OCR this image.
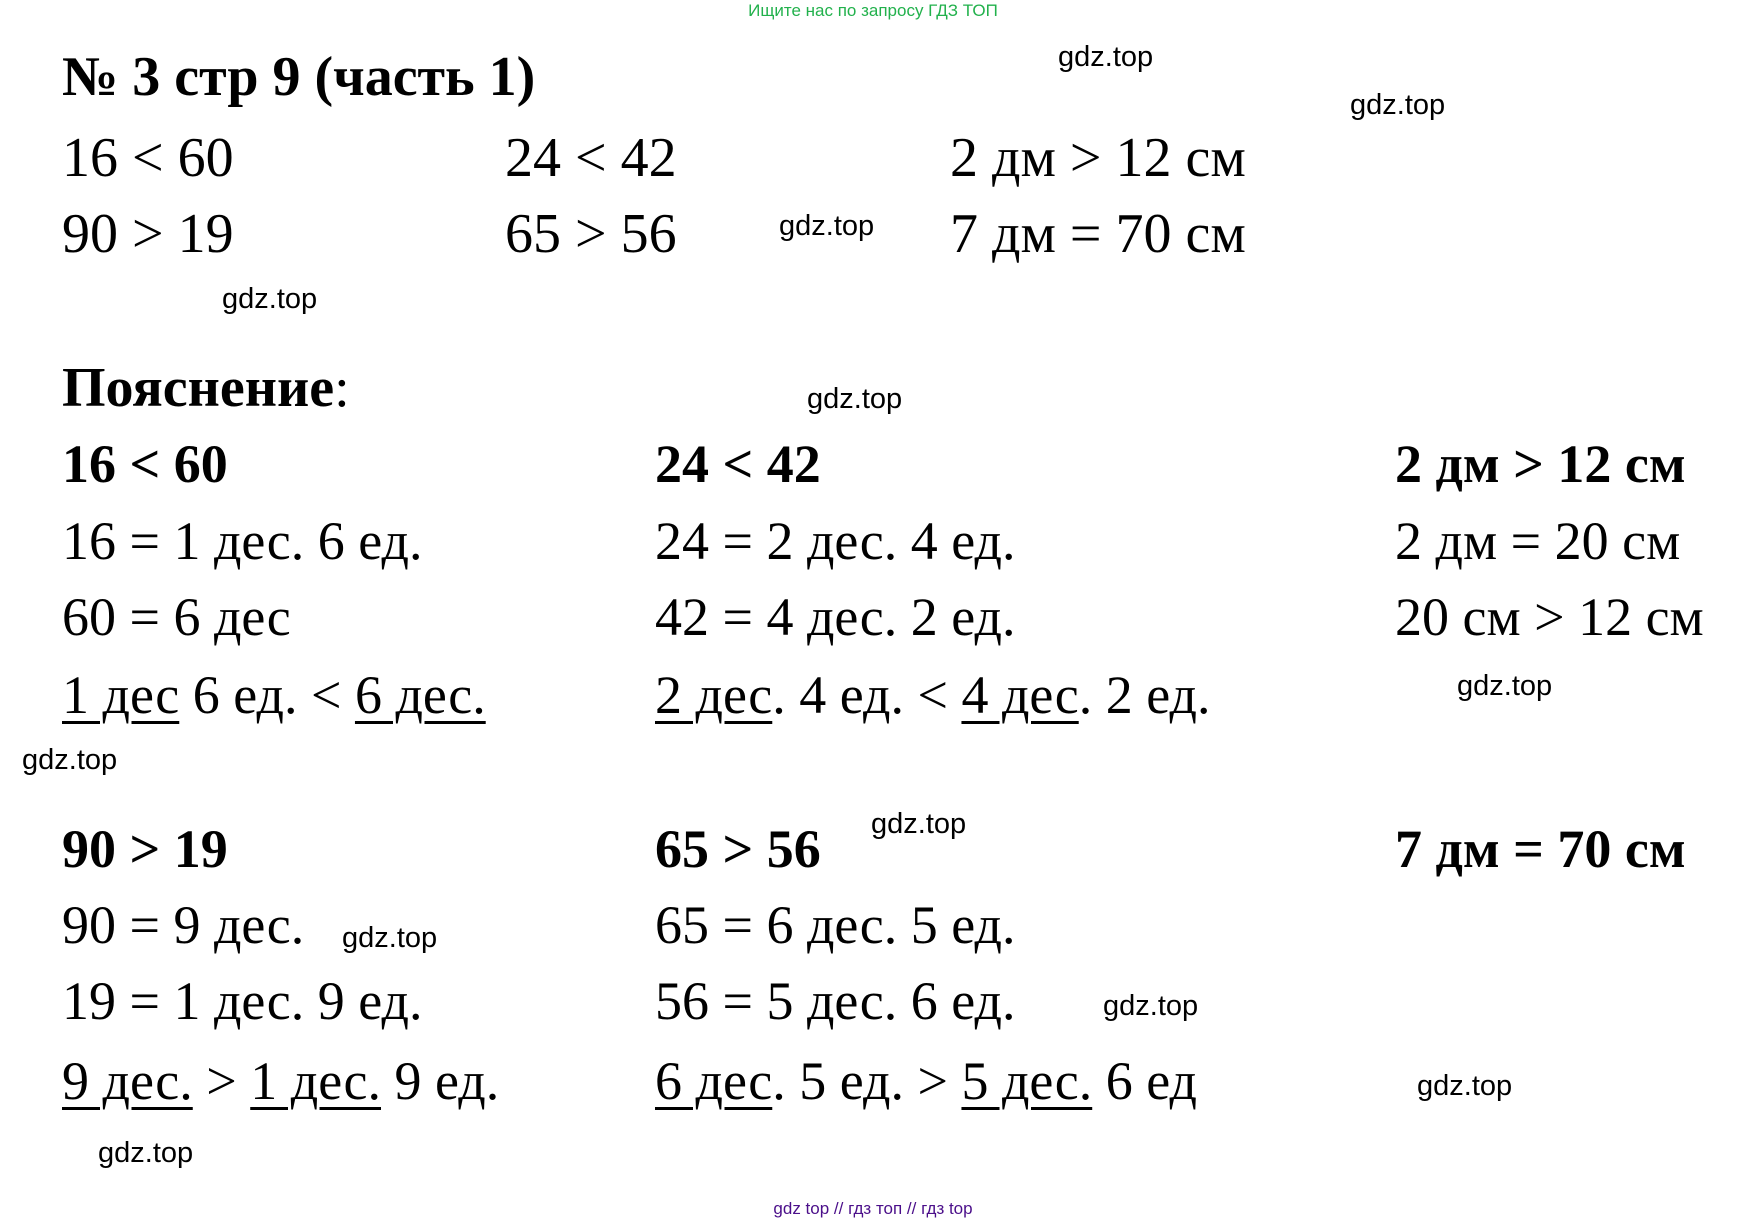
Ищите нас по запросу ГДЗ ТОП
№ 3 стр 9 (часть 1)
16 < 60	24 < 42	2 дм > 12 см
90 > 19	65 > 56	7 дм = 70 см
Пояснение:
16 < 60
16 = 1 дес. 6 ед.
60 = 6 дес
1 дес 6 ед. < 6 дес.
24 < 42
24 = 2 дес. 4 ед.
42 = 4 дес. 2 ед.
2 дес. 4 ед. < 4 дес. 2 ед.
2 дм > 12 см
2 дм = 20 см
20 см > 12 см
90 > 19
90 = 9 дес.
19 = 1 дес. 9 ед.
9 дес. > 1 дес. 9 ед.
65 > 56
65 = 6 дес. 5 ед.
56 = 5 дес. 6 ед.
6 дес. 5 ед. > 5 дес. 6 ед
7 дм = 70 см
gdz.top
gdz.top
gdz.top
gdz.top
gdz.top
gdz.top
gdz.top
gdz.top
gdz.top
gdz.top
gdz.top
gdz.top
gdz top // гдз топ // гдз top
